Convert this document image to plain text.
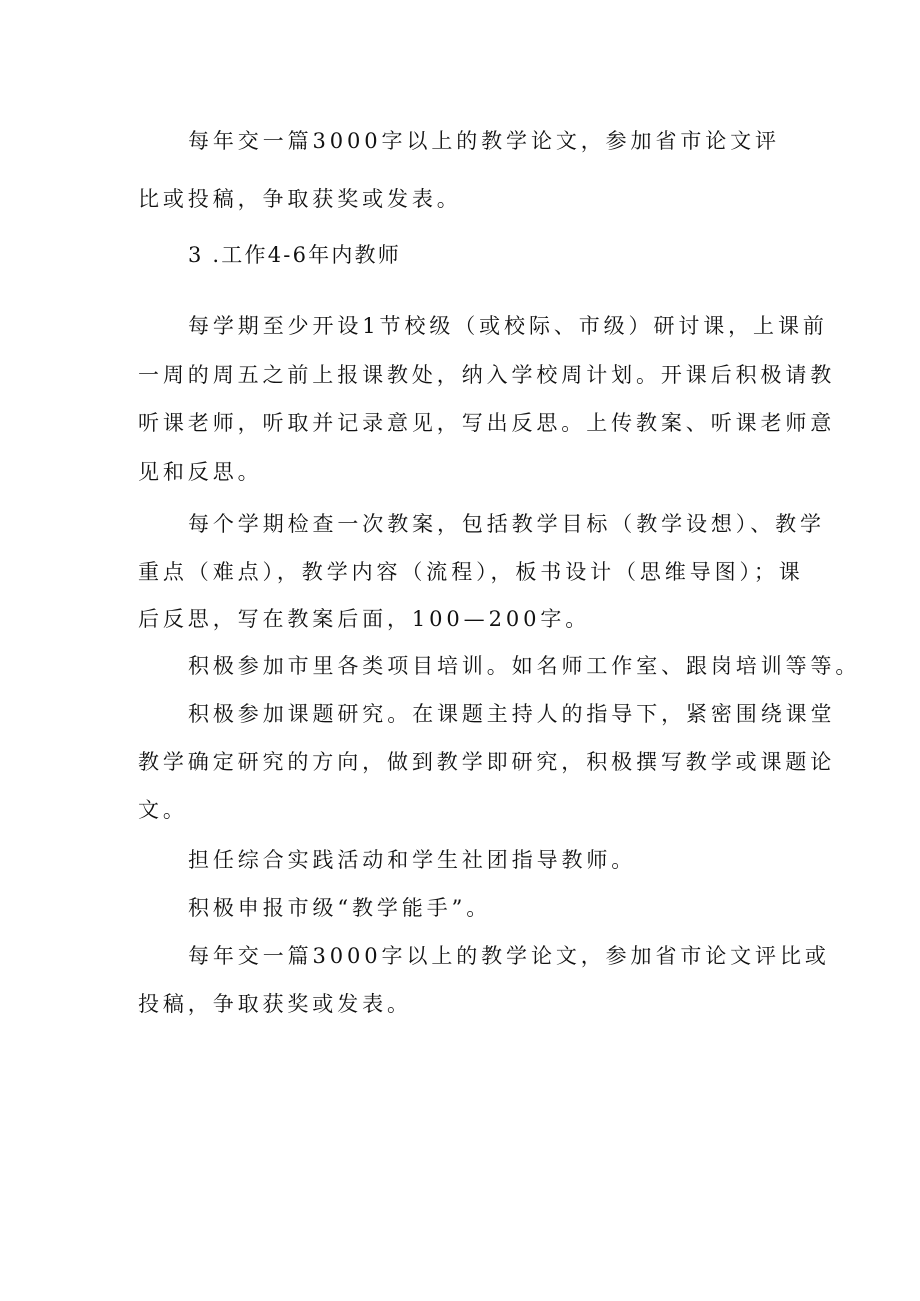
每年交一篇3000字以上的教学论文，参加省市论文评

比或投稿，争取获奖或发表。

3 .工作4-6年内教师

每学期至少开设1节校级（或校际、市级）研讨课，上课前

一周的周五之前上报课教处，纳入学校周计划。开课后积极请教

听课老师，听取并记录意见，写出反思。上传教案、听课老师意

见和反思。

每个学期检查一次教案，包括教学目标（教学设想）、教学

重点（难点），教学内容（流程），板书设计（思维导图）；课

后反思，写在教案后面，100—200字。

积极参加市里各类项目培训。如名师工作室、跟岗培训等等。

积极参加课题研究。在课题主持人的指导下，紧密围绕课堂

教学确定研究的方向，做到教学即研究，积极撰写教学或课题论

文。

担任综合实践活动和学生社团指导教师。

积极申报市级“教学能手”。

每年交一篇3000字以上的教学论文，参加省市论文评比或

投稿，争取获奖或发表。
